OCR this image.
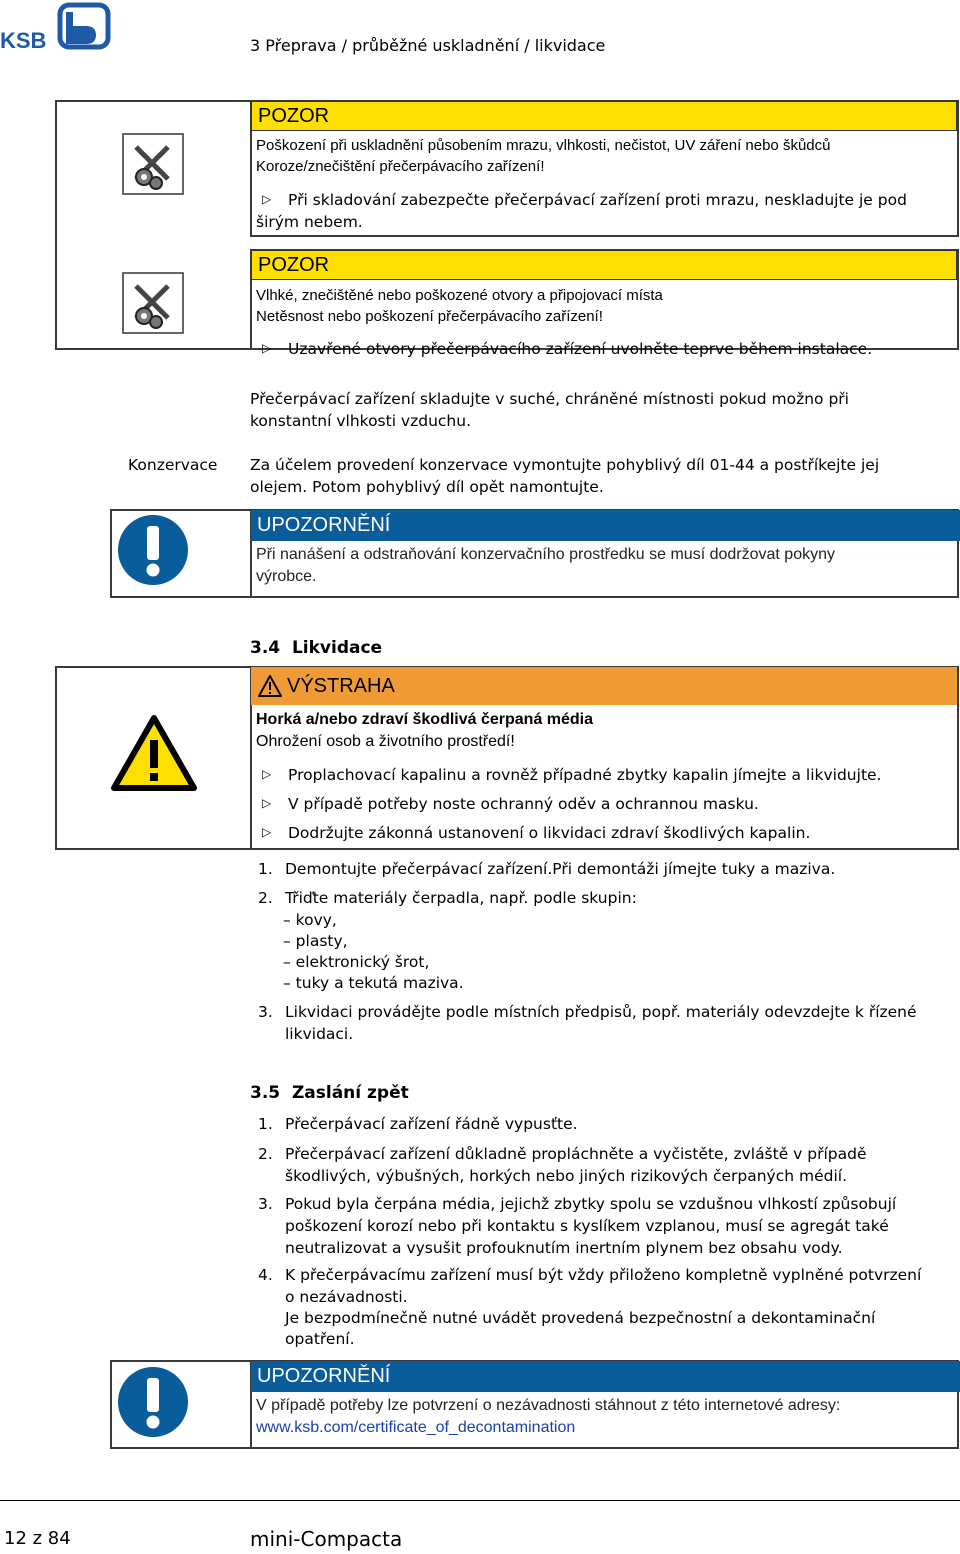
KSB	3 Přeprava / průběžné uskladnění / likvidace
POZOR
Poškození při uskladnění působením mrazu, vlhkosti, nečistot, UV záření nebo škůdců
Koroze/znečištění přečerpávacího zařízení!
▷ Při skladování zabezpečte přečerpávací zařízení proti mrazu, neskladujte je pod
širým nebem.
POZOR
Vlhké, znečištěné nebo poškozené otvory a připojovací místa
Netěsnost nebo poškození přečerpávacího zařízení!
▷ Uzavřené otvory přečerpávacího zařízení uvolněte teprve během instalace.
Přečerpávací zařízení skladujte v suché, chráněné místnosti pokud možno při
konstantní vlhkosti vzduchu.
Konzervace Za účelem provedení konzervace vymontujte pohyblivý díl 01-44 a postříkejte jej
olejem. Potom pohyblivý díl opět namontujte.
UPOZORNĚNÍ
Při nanášení a odstraňování konzervačního prostředku se musí dodržovat pokyny
výrobce.
3.4 Likvidace
VÝSTRAHA
Horká a/nebo zdraví škodlivá čerpaná média
Ohrožení osob a životního prostředí!
▷ Proplachovací kapalinu a rovněž případné zbytky kapalin jímejte a likvidujte.
▷ V případě potřeby noste ochranný oděv a ochrannou masku.
▷ Dodržujte zákonná ustanovení o likvidaci zdraví škodlivých kapalin.
1. Demontujte přečerpávací zařízení.Při demontáži jímejte tuky a maziva.
2. Třiďte materiály čerpadla, např. podle skupin:
– kovy,
– plasty,
– elektronický šrot,
– tuky a tekutá maziva.
3. Likvidaci provádějte podle místních předpisů, popř. materiály odevzdejte k řízené
likvidaci.
3.5 Zaslání zpět
1. Přečerpávací zařízení řádně vypusťte.
2. Přečerpávací zařízení důkladně propláchněte a vyčistěte, zvláště v případě
škodlivých, výbušných, horkých nebo jiných rizikových čerpaných médií.
3. Pokud byla čerpána média, jejichž zbytky spolu se vzdušnou vlhkostí způsobují
poškození korozí nebo při kontaktu s kyslíkem vzplanou, musí se agregát také
neutralizovat a vysušit profouknutím inertním plynem bez obsahu vody.
4. K přečerpávacímu zařízení musí být vždy přiloženo kompletně vyplněné potvrzení
o nezávadnosti.
Je bezpodmínečně nutné uvádět provedená bezpečnostní a dekontaminační
opatření.
UPOZORNĚNÍ
V případě potřeby lze potvrzení o nezávadnosti stáhnout z této internetové adresy:
www.ksb.com/certificate_of_decontamination
12 z 84	mini-Compacta
